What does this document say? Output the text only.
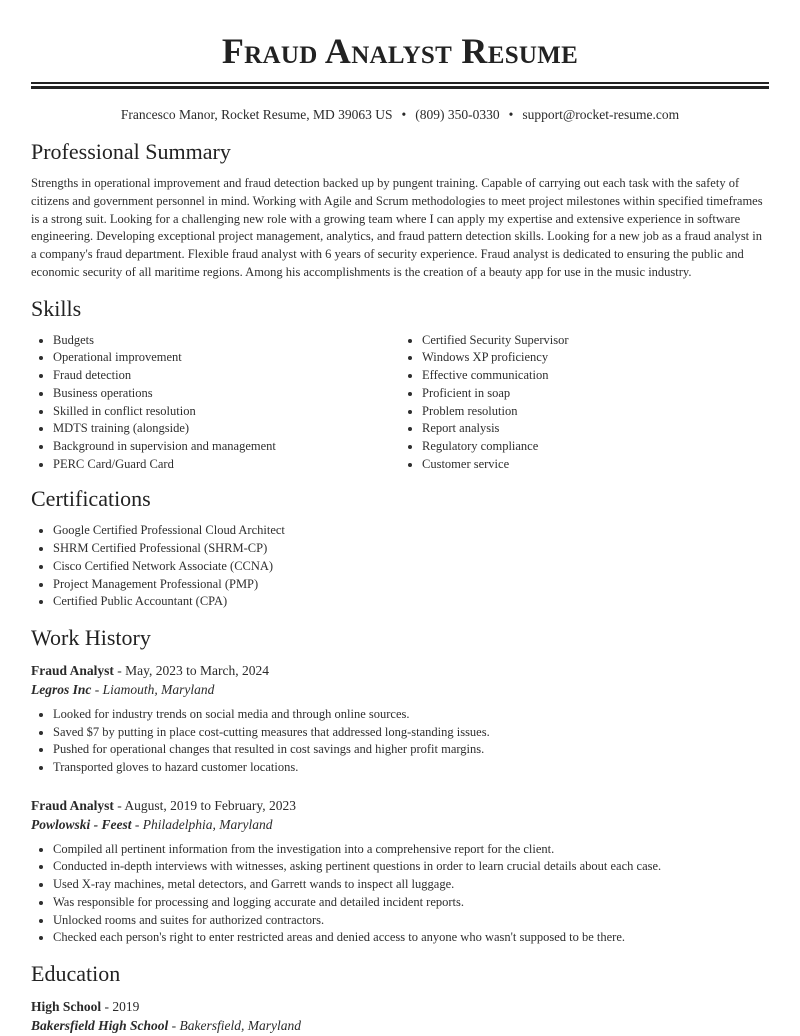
Fraud Analyst Resume
Francesco Manor, Rocket Resume, MD 39063 US • (809) 350-0330 • support@rocket-resume.com
Professional Summary
Strengths in operational improvement and fraud detection backed up by pungent training. Capable of carrying out each task with the safety of citizens and government personnel in mind. Working with Agile and Scrum methodologies to meet project milestones within specified timeframes is a strong suit. Looking for a challenging new role with a growing team where I can apply my expertise and extensive experience in software engineering. Developing exceptional project management, analytics, and fraud pattern detection skills. Looking for a new job as a fraud analyst in a company's fraud department. Flexible fraud analyst with 6 years of security experience. Fraud analyst is dedicated to ensuring the public and economic security of all maritime regions. Among his accomplishments is the creation of a beauty app for use in the music industry.
Skills
• Budgets
• Operational improvement
• Fraud detection
• Business operations
• Skilled in conflict resolution
• MDTS training (alongside)
• Background in supervision and management
• PERC Card/Guard Card
• Certified Security Supervisor
• Windows XP proficiency
• Effective communication
• Proficient in soap
• Problem resolution
• Report analysis
• Regulatory compliance
• Customer service
Certifications
• Google Certified Professional Cloud Architect
• SHRM Certified Professional (SHRM-CP)
• Cisco Certified Network Associate (CCNA)
• Project Management Professional (PMP)
• Certified Public Accountant (CPA)
Work History
Fraud Analyst - May, 2023 to March, 2024
Legros Inc - Liamouth, Maryland
• Looked for industry trends on social media and through online sources.
• Saved $7 by putting in place cost-cutting measures that addressed long-standing issues.
• Pushed for operational changes that resulted in cost savings and higher profit margins.
• Transported gloves to hazard customer locations.
Fraud Analyst - August, 2019 to February, 2023
Powlowski - Feest - Philadelphia, Maryland
• Compiled all pertinent information from the investigation into a comprehensive report for the client.
• Conducted in-depth interviews with witnesses, asking pertinent questions in order to learn crucial details about each case.
• Used X-ray machines, metal detectors, and Garrett wands to inspect all luggage.
• Was responsible for processing and logging accurate and detailed incident reports.
• Unlocked rooms and suites for authorized contractors.
• Checked each person's right to enter restricted areas and denied access to anyone who wasn't supposed to be there.
Education
High School - 2019
Bakersfield High School - Bakersfield, Maryland
